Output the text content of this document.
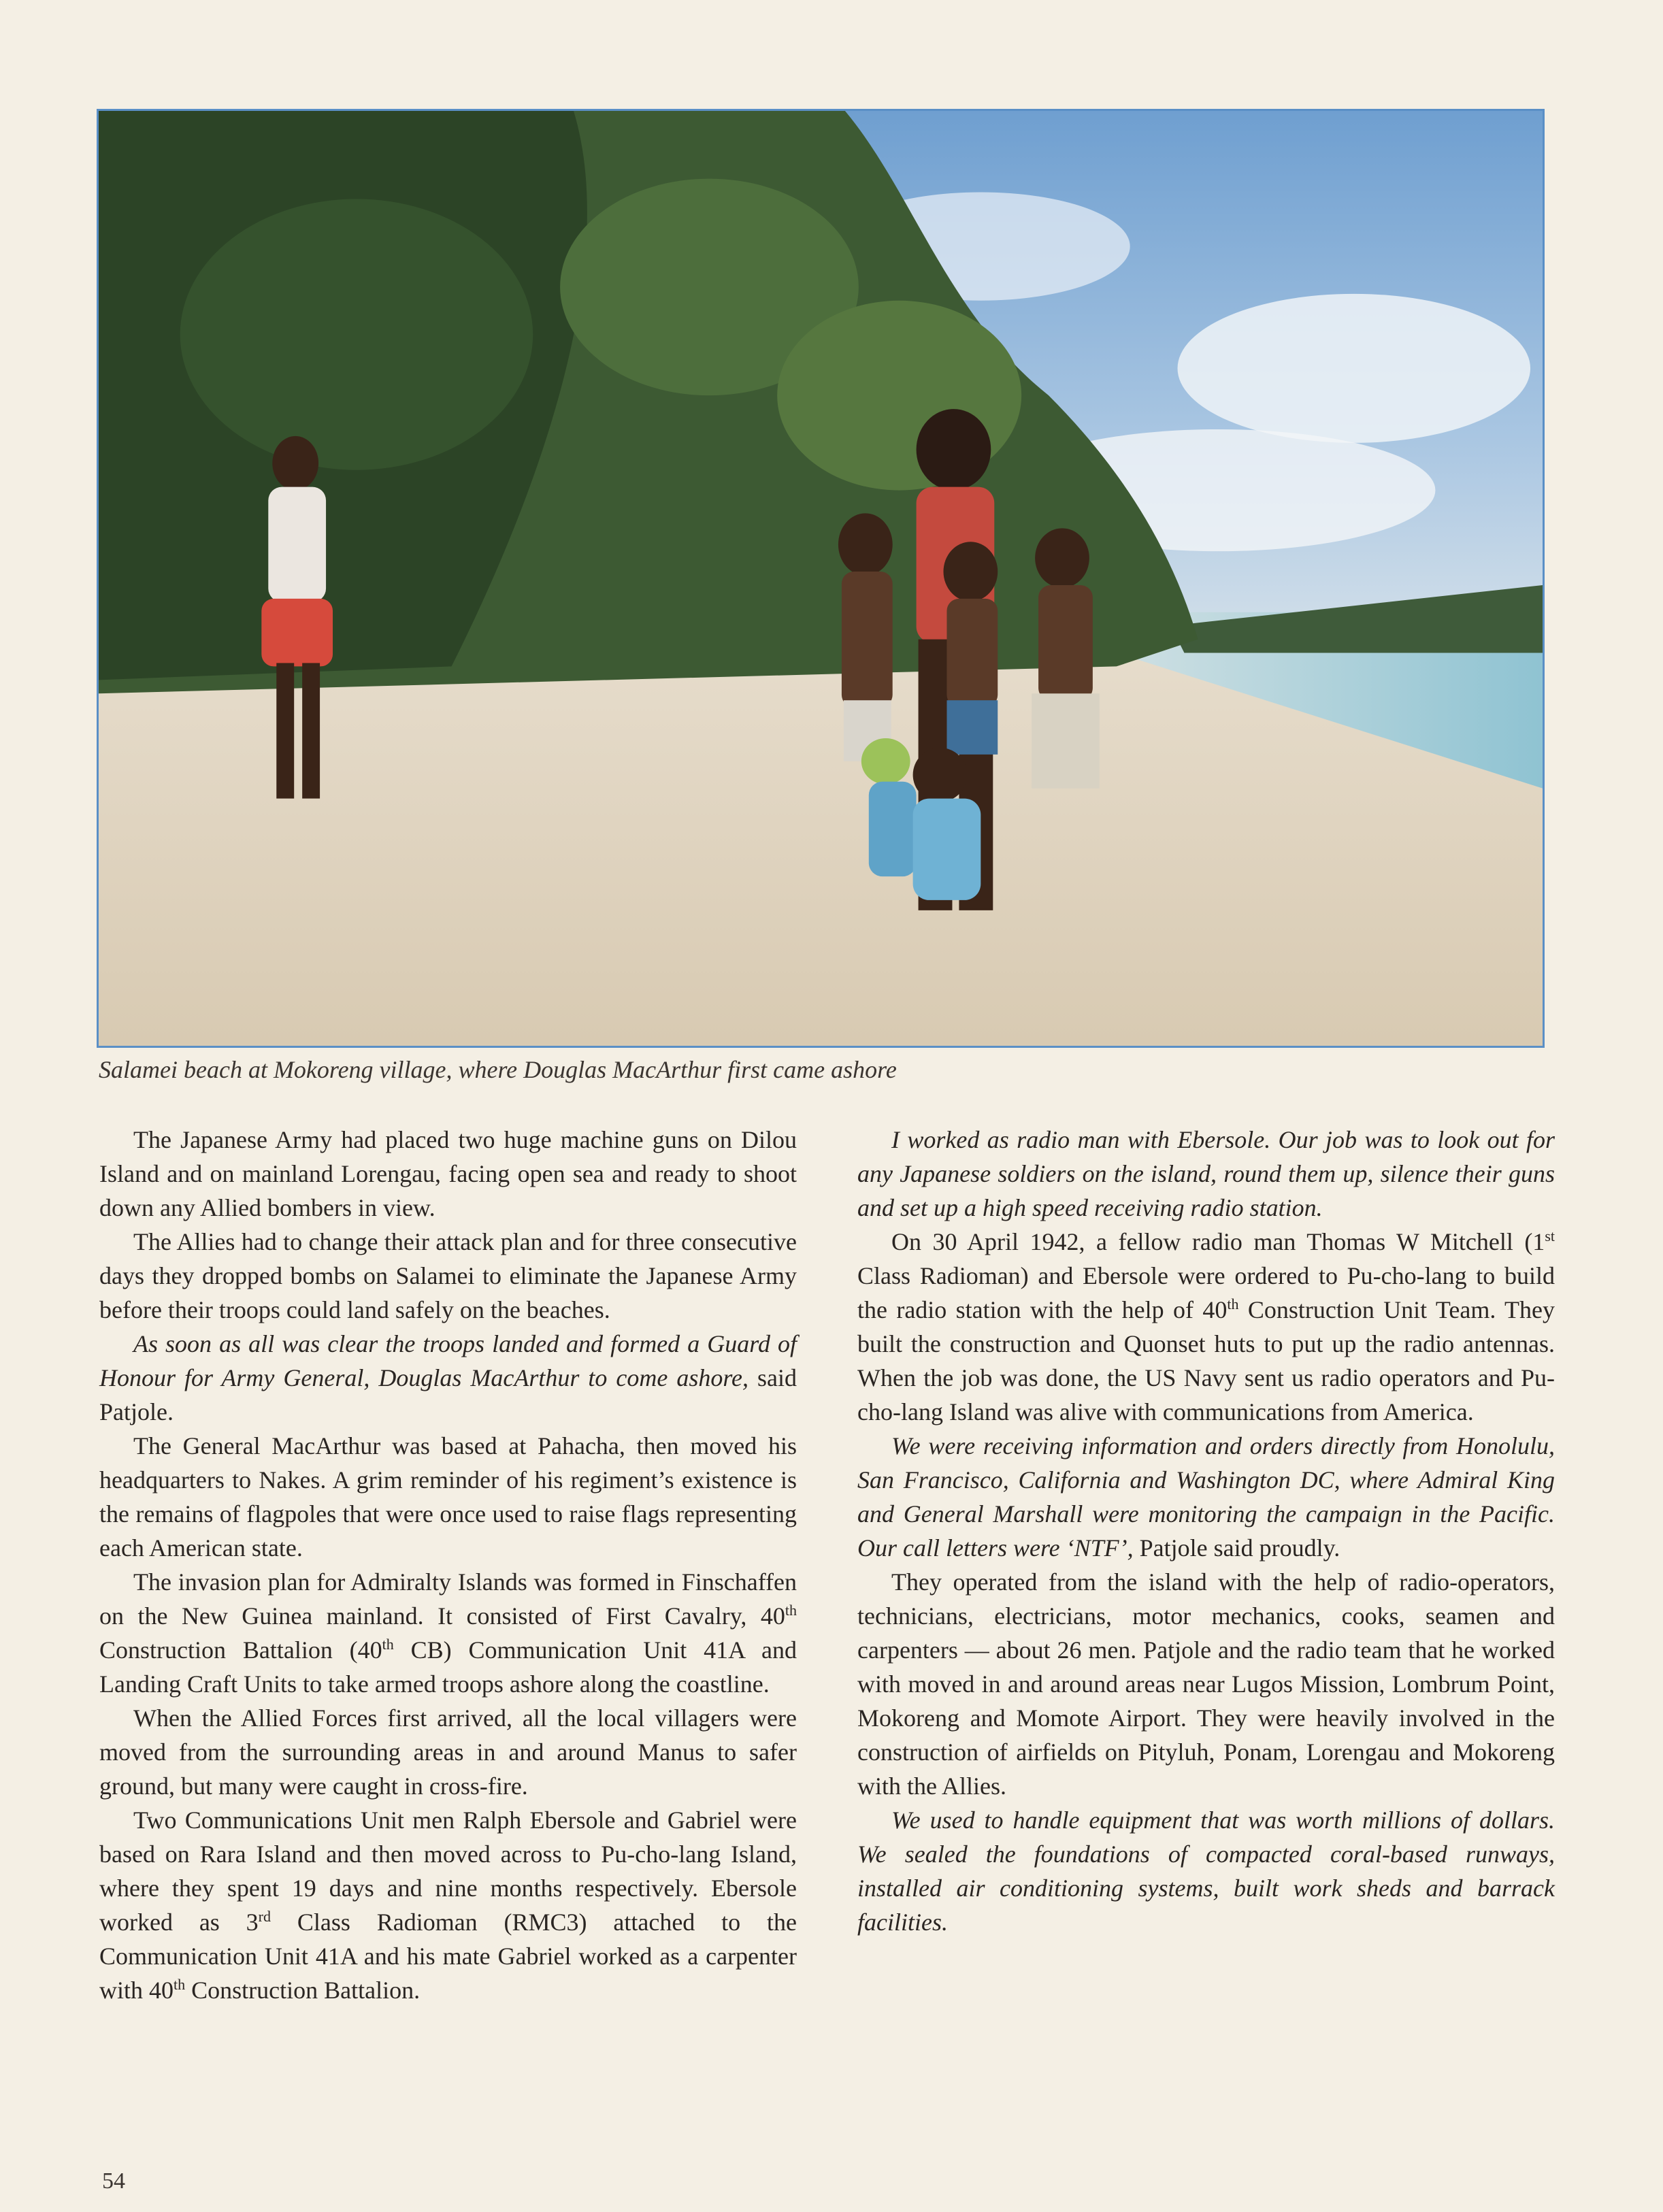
Salamei beach at Mokoreng village, where Douglas MacArthur first came ashore

The Japanese Army had placed two huge machine guns on Dilou Island and on mainland Lorengau, facing open sea and ready to shoot down any Allied bombers in view.

The Allies had to change their attack plan and for three consecutive days they dropped bombs on Salamei to eliminate the Japanese Army before their troops could land safely on the beaches.

As soon as all was clear the troops landed and formed a Guard of Honour for Army General, Douglas MacArthur to come ashore, said Patjole.

The General MacArthur was based at Pahacha, then moved his headquarters to Nakes. A grim reminder of his regiment’s existence is the remains of flagpoles that were once used to raise flags representing each American state.

The invasion plan for Admiralty Islands was formed in Finschaffen on the New Guinea mainland. It consisted of First Cavalry, 40th Construction Battalion (40th CB) Communication Unit 41A and Landing Craft Units to take armed troops ashore along the coastline.

When the Allied Forces first arrived, all the local villagers were moved from the surrounding areas in and around Manus to safer ground, but many were caught in cross-fire.

Two Communications Unit men Ralph Ebersole and Gabriel were based on Rara Island and then moved across to Pu-cho-lang Island, where they spent 19 days and nine months respectively. Ebersole worked as 3rd Class Radioman (RMC3) attached to the Communication Unit 41A and his mate Gabriel worked as a carpenter with 40th Construction Battalion.

I worked as radio man with Ebersole. Our job was to look out for any Japanese soldiers on the island, round them up, silence their guns and set up a high speed receiving radio station.

On 30 April 1942, a fellow radio man Thomas W Mitchell (1st Class Radioman) and Ebersole were ordered to Pu-cho-lang to build the radio station with the help of 40th Construction Unit Team. They built the construction and Quonset huts to put up the radio antennas. When the job was done, the US Navy sent us radio operators and Pu-cho-lang Island was alive with communications from America.

We were receiving information and orders directly from Honolulu, San Francisco, California and Washington DC, where Admiral King and General Marshall were monitoring the campaign in the Pacific. Our call letters were ‘NTF’, Patjole said proudly.

They operated from the island with the help of radio-operators, technicians, electricians, motor mechanics, cooks, seamen and carpenters — about 26 men. Patjole and the radio team that he worked with moved in and around areas near Lugos Mission, Lombrum Point, Mokoreng and Momote Airport. They were heavily involved in the construction of airfields on Pityluh, Ponam, Lorengau and Mokoreng with the Allies.

We used to handle equipment that was worth millions of dollars. We sealed the foundations of compacted coral-based runways, installed air conditioning systems, built work sheds and barrack facilities.

54
